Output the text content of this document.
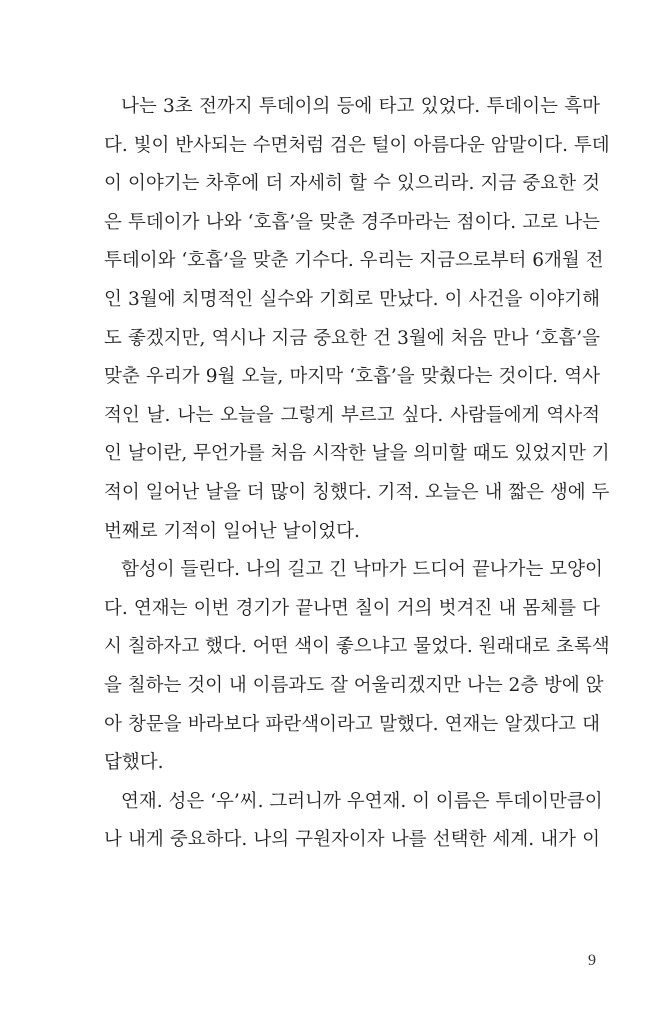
나는 3초 전까지 투데이의 등에 타고 있었다. 투데이는 흑마
다. 빛이 반사되는 수면처럼 검은 털이 아름다운 암말이다. 투데
이 이야기는 차후에 더 자세히 할 수 있으리라. 지금 중요한 것
은 투데이가 나와 ‘호흡’을 맞춘 경주마라는 점이다. 고로 나는
투데이와 ‘호흡’을 맞춘 기수다. 우리는 지금으로부터 6개월 전
인 3월에 치명적인 실수와 기회로 만났다. 이 사건을 이야기해
도 좋겠지만, 역시나 지금 중요한 건 3월에 처음 만나 ‘호흡’을
맞춘 우리가 9월 오늘, 마지막 ‘호흡’을 맞췄다는 것이다. 역사
적인 날. 나는 오늘을 그렇게 부르고 싶다. 사람들에게 역사적
인 날이란, 무언가를 처음 시작한 날을 의미할 때도 있었지만 기
적이 일어난 날을 더 많이 칭했다. 기적. 오늘은 내 짧은 생에 두
번째로 기적이 일어난 날이었다.
함성이 들린다. 나의 길고 긴 낙마가 드디어 끝나가는 모양이
다. 연재는 이번 경기가 끝나면 칠이 거의 벗겨진 내 몸체를 다
시 칠하자고 했다. 어떤 색이 좋으냐고 물었다. 원래대로 초록색
을 칠하는 것이 내 이름과도 잘 어울리겠지만 나는 2층 방에 앉
아 창문을 바라보다 파란색이라고 말했다. 연재는 알겠다고 대
답했다.
연재. 성은 ‘우’씨. 그러니까 우연재. 이 이름은 투데이만큼이
나 내게 중요하다. 나의 구원자이자 나를 선택한 세계. 내가 이
9
